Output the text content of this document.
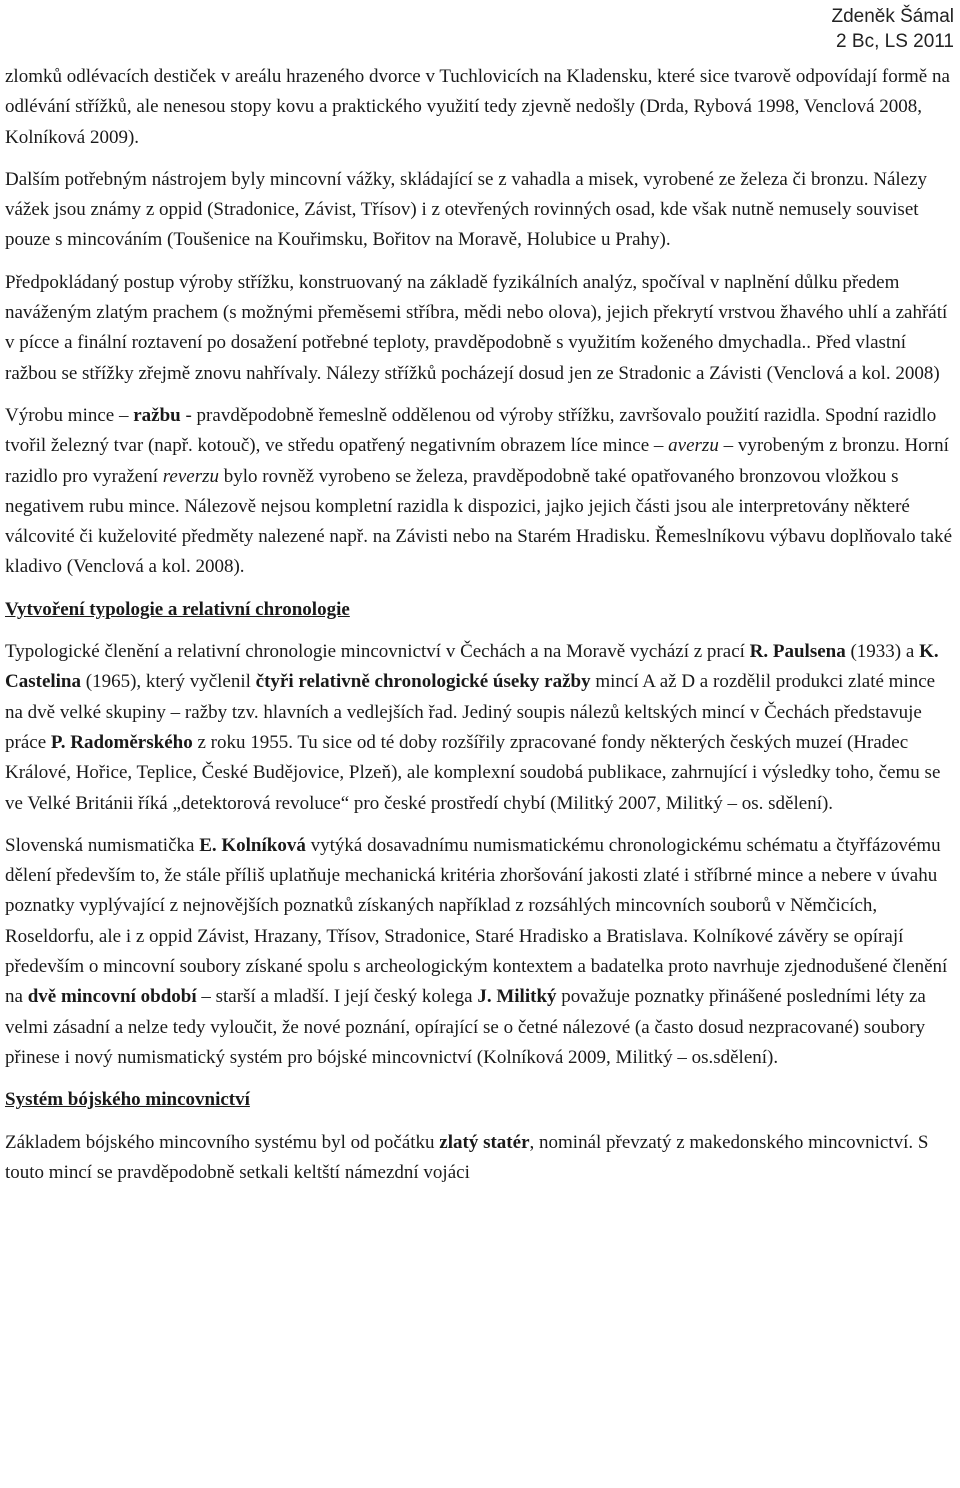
Zdeněk Šámal
2 Bc, LS 2011

zlomků odlévacích destiček v areálu hrazeného dvorce v Tuchlovicích na Kladensku, které sice tvarově odpovídají formě na odlévání střížků, ale nenesou stopy kovu a praktického využití tedy zjevně nedošly (Drda, Rybová 1998, Venclová 2008, Kolníková 2009).

Dalším potřebným nástrojem byly mincovní vážky, skládající se z vahadla a misek, vyrobené ze železa či bronzu. Nálezy vážek jsou známy z oppid (Stradonice, Závist, Třísov) i z otevřených rovinných osad, kde však nutně nemusely souviset pouze s mincováním (Toušenice na Kouřimsku, Bořitov na Moravě, Holubice u Prahy).

Předpokládaný postup výroby střížku, konstruovaný na základě fyzikálních analýz, spočíval v naplnění důlku předem naváženým zlatým prachem (s možnými přeměsemi stříbra, mědi nebo olova), jejich překrytí vrstvou žhavého uhlí a zahřátí v pícce a finální roztavení po dosažení potřebné teploty, pravděpodobně s využitím koženého dmychadla.. Před vlastní ražbou se střížky zřejmě znovu nahřívaly. Nálezy střížků pocházejí dosud jen ze Stradonic a Závisti (Venclová a kol. 2008)

Výrobu mince – ražbu - pravděpodobně řemeslně oddělenou od výroby střížku, završovalo použití razidla. Spodní razidlo tvořil železný tvar (např. kotouč), ve středu opatřený negativním obrazem líce mince – averzu – vyrobeným z bronzu. Horní razidlo pro vyražení reverzu bylo rovněž vyrobeno se železa, pravděpodobně také opatřovaného bronzovou vložkou s negativem rubu mince. Nálezově nejsou kompletní razidla k dispozici, jajko jejich části jsou ale interpretovány některé válcovité či kuželovité předměty nalezené např. na Závisti nebo na Starém Hradisku. Řemeslníkovu výbavu doplňovalo také kladivo (Venclová a kol. 2008).

Vytvoření typologie a relativní chronologie

Typologické členění a relativní chronologie mincovnictví v Čechách a na Moravě vychází z prací R. Paulsena (1933) a K. Castelina (1965), který vyčlenil čtyři relativně chronologické úseky ražby mincí A až D a rozdělil produkci zlaté mince na dvě velké skupiny – ražby tzv. hlavních a vedlejších řad. Jediný soupis nálezů keltských mincí v Čechách představuje práce P. Radoměrského z roku 1955. Tu sice od té doby rozšířily zpracované fondy některých českých muzeí (Hradec Králové, Hořice, Teplice, České Budějovice, Plzeň), ale komplexní soudobá publikace, zahrnující i výsledky toho, čemu se ve Velké Británii říká „detektorová revoluce“ pro české prostředí chybí (Militký 2007, Militký – os. sdělení).

Slovenská numismatička E. Kolníková vytýká dosavadnímu numismatickému chronologickému schématu a čtyřfázovému dělení především to, že stále příliš uplatňuje mechanická kritéria zhoršování jakosti zlaté i stříbrné mince a nebere v úvahu poznatky vyplývající z nejnovějších poznatků získaných například z rozsáhlých mincovních souborů v Němčicích, Roseldorfu, ale i z oppid Závist, Hrazany, Třísov, Stradonice, Staré Hradisko a Bratislava. Kolníkové závěry se opírají především o mincovní soubory získané spolu s archeologickým kontextem a badatelka proto navrhuje zjednodušené členění na dvě mincovní období – starší a mladší. I její český kolega J. Militký považuje poznatky přinášené posledními léty za velmi zásadní a nelze tedy vyloučit, že nové poznání, opírající se o četné nálezové (a často dosud nezpracované) soubory přinese i nový numismatický systém pro bójské mincovnictví (Kolníková 2009, Militký – os.sdělení).

Systém bójského mincovnictví

Základem bójského mincovního systému byl od počátku zlatý statér, nominál převzatý z makedonského mincovnictví. S touto mincí se pravděpodobně setkali keltští námezdní vojáci
